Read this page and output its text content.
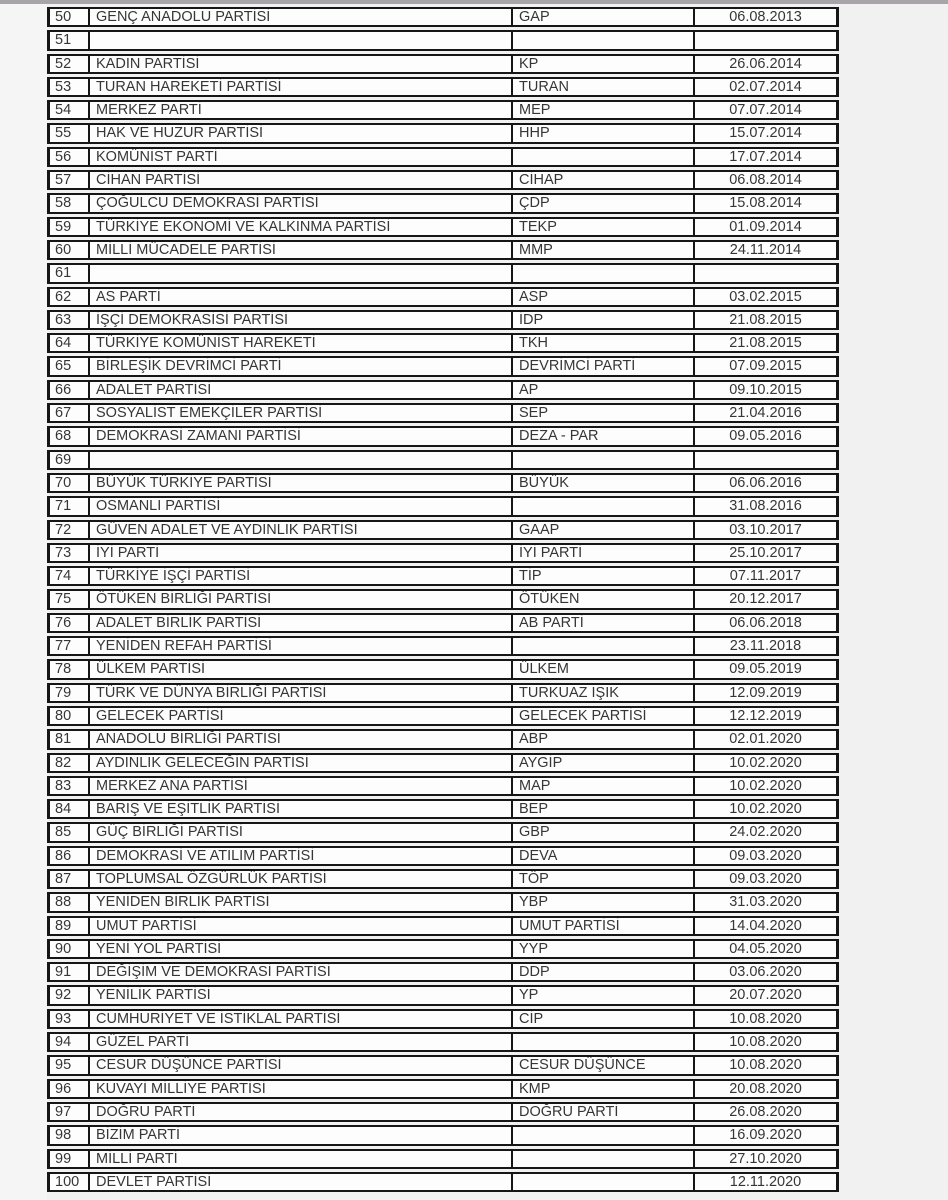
50	GENÇ ANADOLU PARTİSİ	GAP	06.08.2013
51			
52	KADIN PARTİSİ	KP	26.06.2014
53	TURAN HAREKETİ PARTİSİ	TURAN	02.07.2014
54	MERKEZ PARTİ	MEP	07.07.2014
55	HAK VE HUZUR PARTİSİ	HHP	15.07.2014
56	KOMÜNİST PARTİ		17.07.2014
57	CİHAN PARTİSİ	CİHAP	06.08.2014
58	ÇOĞULCU DEMOKRASİ PARTİSİ	ÇDP	15.08.2014
59	TÜRKİYE EKONOMİ VE KALKINMA PARTİSİ	TEKP	01.09.2014
60	MİLLİ MÜCADELE PARTİSİ	MMP	24.11.2014
61			
62	AS PARTİ	ASP	03.02.2015
63	İŞÇİ DEMOKRASİSİ PARTİSİ	İDP	21.08.2015
64	TÜRKİYE KOMÜNİST HAREKETİ	TKH	21.08.2015
65	BİRLEŞİK DEVRİMCİ PARTİ	DEVRİMCİ PARTİ	07.09.2015
66	ADALET PARTİSİ	AP	09.10.2015
67	SOSYALİST EMEKÇİLER PARTİSİ	SEP	21.04.2016
68	DEMOKRASİ ZAMANI PARTİSİ	DEZA - PAR	09.05.2016
69			
70	BÜYÜK TÜRKİYE PARTİSİ	BÜYÜK	06.06.2016
71	OSMANLI PARTİSİ		31.08.2016
72	GÜVEN ADALET VE AYDINLIK PARTİSİ	GAAP	03.10.2017
73	İYİ PARTİ	İYİ PARTİ	25.10.2017
74	TÜRKİYE İŞÇİ PARTİSİ	TİP	07.11.2017
75	ÖTÜKEN BİRLİĞİ PARTİSİ	ÖTÜKEN	20.12.2017
76	ADALET BİRLİK PARTİSİ	AB PARTİ	06.06.2018
77	YENİDEN REFAH PARTİSİ		23.11.2018
78	ÜLKEM PARTİSİ	ÜLKEM	09.05.2019
79	TÜRK VE DÜNYA BİRLİĞİ PARTİSİ	TURKUAZ IŞIK	12.09.2019
80	GELECEK PARTİSİ	GELECEK PARTİSİ	12.12.2019
81	ANADOLU BİRLİĞİ PARTİSİ	ABP	02.01.2020
82	AYDINLIK GELECEĞİN PARTİSİ	AYGİP	10.02.2020
83	MERKEZ ANA PARTİSİ	MAP	10.02.2020
84	BARIŞ VE EŞİTLİK PARTİSİ	BEP	10.02.2020
85	GÜÇ BİRLİĞİ PARTİSİ	GBP	24.02.2020
86	DEMOKRASİ VE ATILIM PARTİSİ	DEVA	09.03.2020
87	TOPLUMSAL ÖZGÜRLÜK PARTİSİ	TÖP	09.03.2020
88	YENİDEN BİRLİK PARTİSİ	YBP	31.03.2020
89	UMUT PARTİSİ	UMUT PARTİSİ	14.04.2020
90	YENİ YOL PARTİSİ	YYP	04.05.2020
91	DEĞİŞİM VE DEMOKRASİ PARTİSİ	DDP	03.06.2020
92	YENİLİK PARTİSİ	YP	20.07.2020
93	CUMHURİYET VE İSTİKLAL PARTİSİ	CİP	10.08.2020
94	GÜZEL PARTİ		10.08.2020
95	CESUR DÜŞÜNCE PARTİSİ	CESUR DÜŞÜNCE	10.08.2020
96	KUVAYİ MİLLİYE PARTİSİ	KMP	20.08.2020
97	DOĞRU PARTİ	DOĞRU PARTİ	26.08.2020
98	BİZİM PARTİ		16.09.2020
99	MİLLİ PARTİ		27.10.2020
100	DEVLET PARTİSİ		12.11.2020
